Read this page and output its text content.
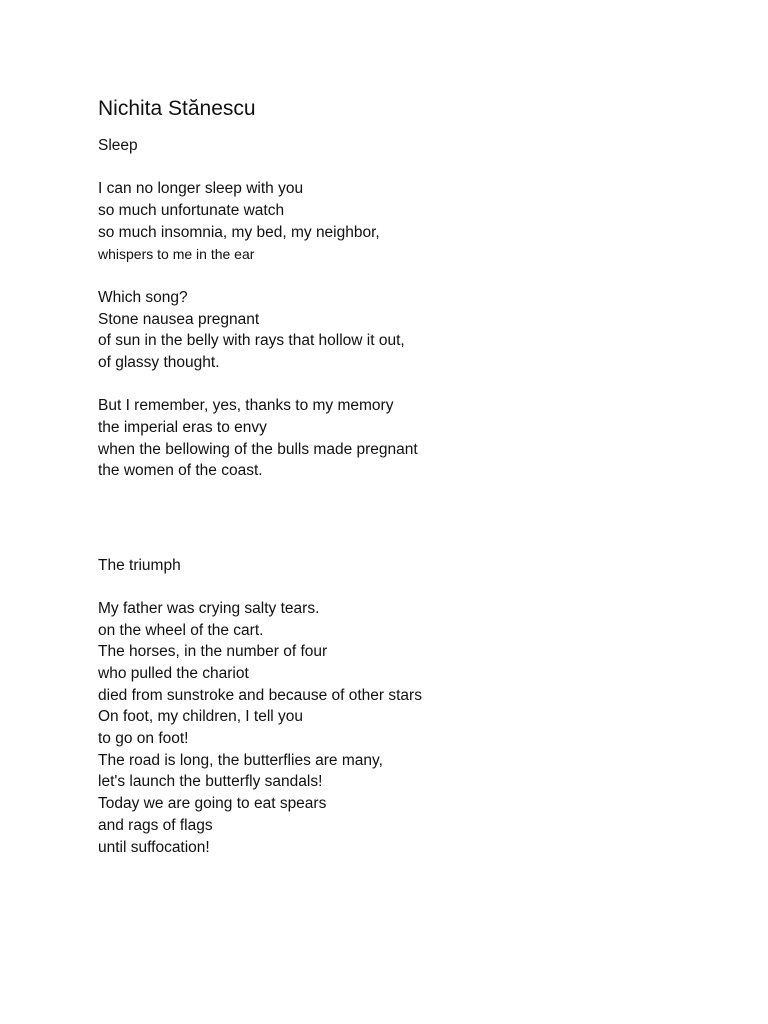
Nichita Stănescu
Sleep
I can no longer sleep with you
so much unfortunate watch
so much insomnia, my bed, my neighbor,
whispers to me in the ear
Which song?
Stone nausea pregnant
of sun in the belly with rays that hollow it out,
of glassy thought.
But I remember, yes, thanks to my memory
the imperial eras to envy
when the bellowing of the bulls made pregnant
the women of the coast.
The triumph
My father was crying salty tears.
on the wheel of the cart.
The horses, in the number of four
who pulled the chariot
died from sunstroke and because of other stars
On foot, my children, I tell you
to go on foot!
The road is long, the butterflies are many,
let's launch the butterfly sandals!
Today we are going to eat spears
and rags of flags
until suffocation!
